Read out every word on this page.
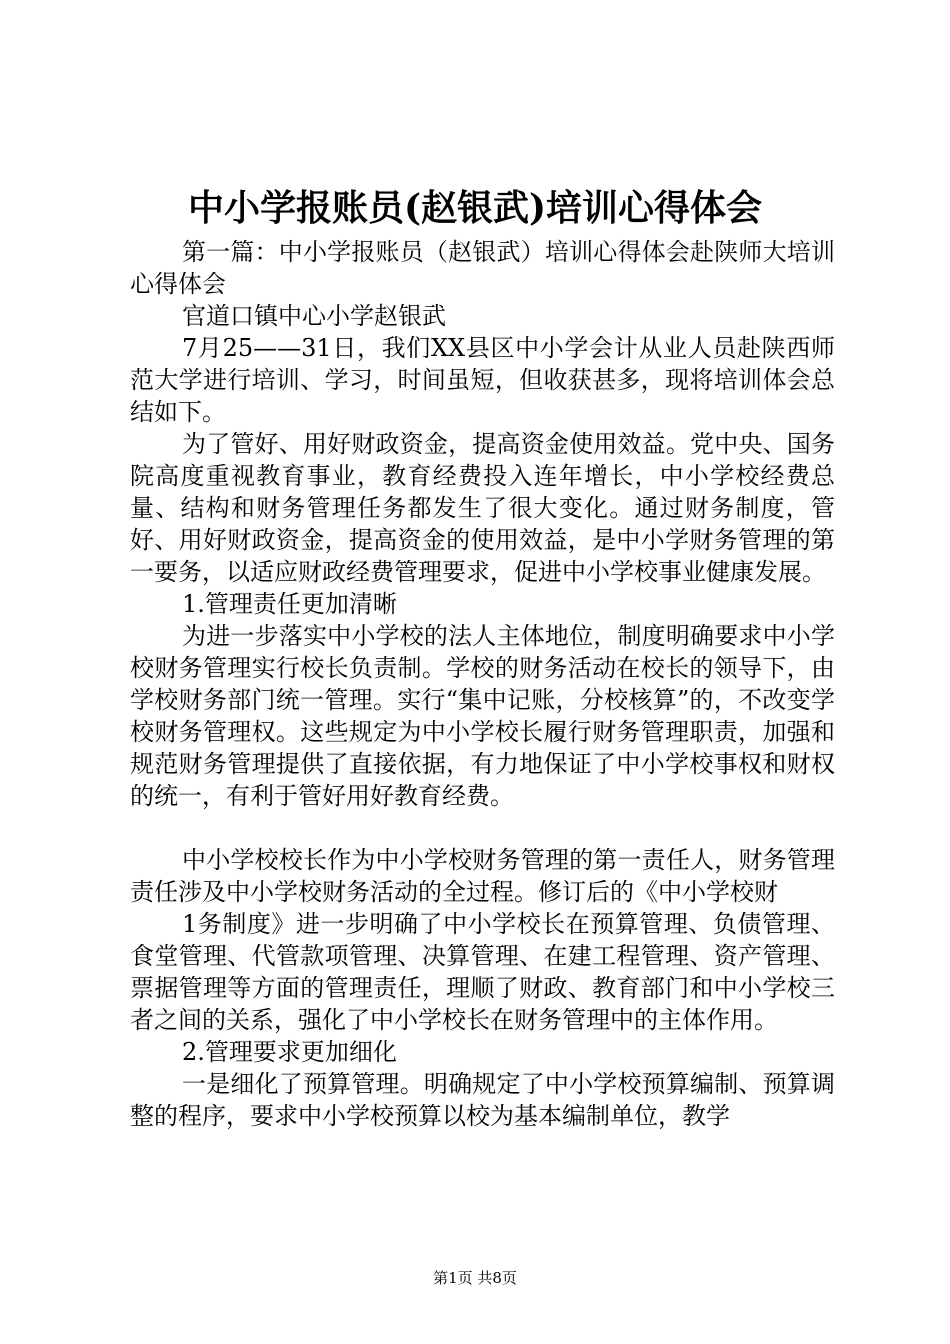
中小学报账员(赵银武)培训心得体会

第一篇：中小学报账员（赵银武）培训心得体会赴陕师大培训心得体会

官道口镇中心小学赵银武

7月25——31日，我们XX县区中小学会计从业人员赴陕西师范大学进行培训、学习，时间虽短，但收获甚多，现将培训体会总结如下。

为了管好、用好财政资金，提高资金使用效益。党中央、国务院高度重视教育事业，教育经费投入连年增长，中小学校经费总量、结构和财务管理任务都发生了很大变化。通过财务制度，管好、用好财政资金，提高资金的使用效益，是中小学财务管理的第一要务，以适应财政经费管理要求，促进中小学校事业健康发展。

1.管理责任更加清晰

为进一步落实中小学校的法人主体地位，制度明确要求中小学校财务管理实行校长负责制。学校的财务活动在校长的领导下，由学校财务部门统一管理。实行“集中记账，分校核算”的，不改变学校财务管理权。这些规定为中小学校长履行财务管理职责，加强和规范财务管理提供了直接依据，有力地保证了中小学校事权和财权的统一，有利于管好用好教育经费。

中小学校校长作为中小学校财务管理的第一责任人，财务管理责任涉及中小学校财务活动的全过程。修订后的《中小学校财

1务制度》进一步明确了中小学校长在预算管理、负债管理、食堂管理、代管款项管理、决算管理、在建工程管理、资产管理、票据管理等方面的管理责任，理顺了财政、教育部门和中小学校三者之间的关系，强化了中小学校长在财务管理中的主体作用。

2.管理要求更加细化

一是细化了预算管理。明确规定了中小学校预算编制、预算调整的程序，要求中小学校预算以校为基本编制单位，教学

第1页 共8页
